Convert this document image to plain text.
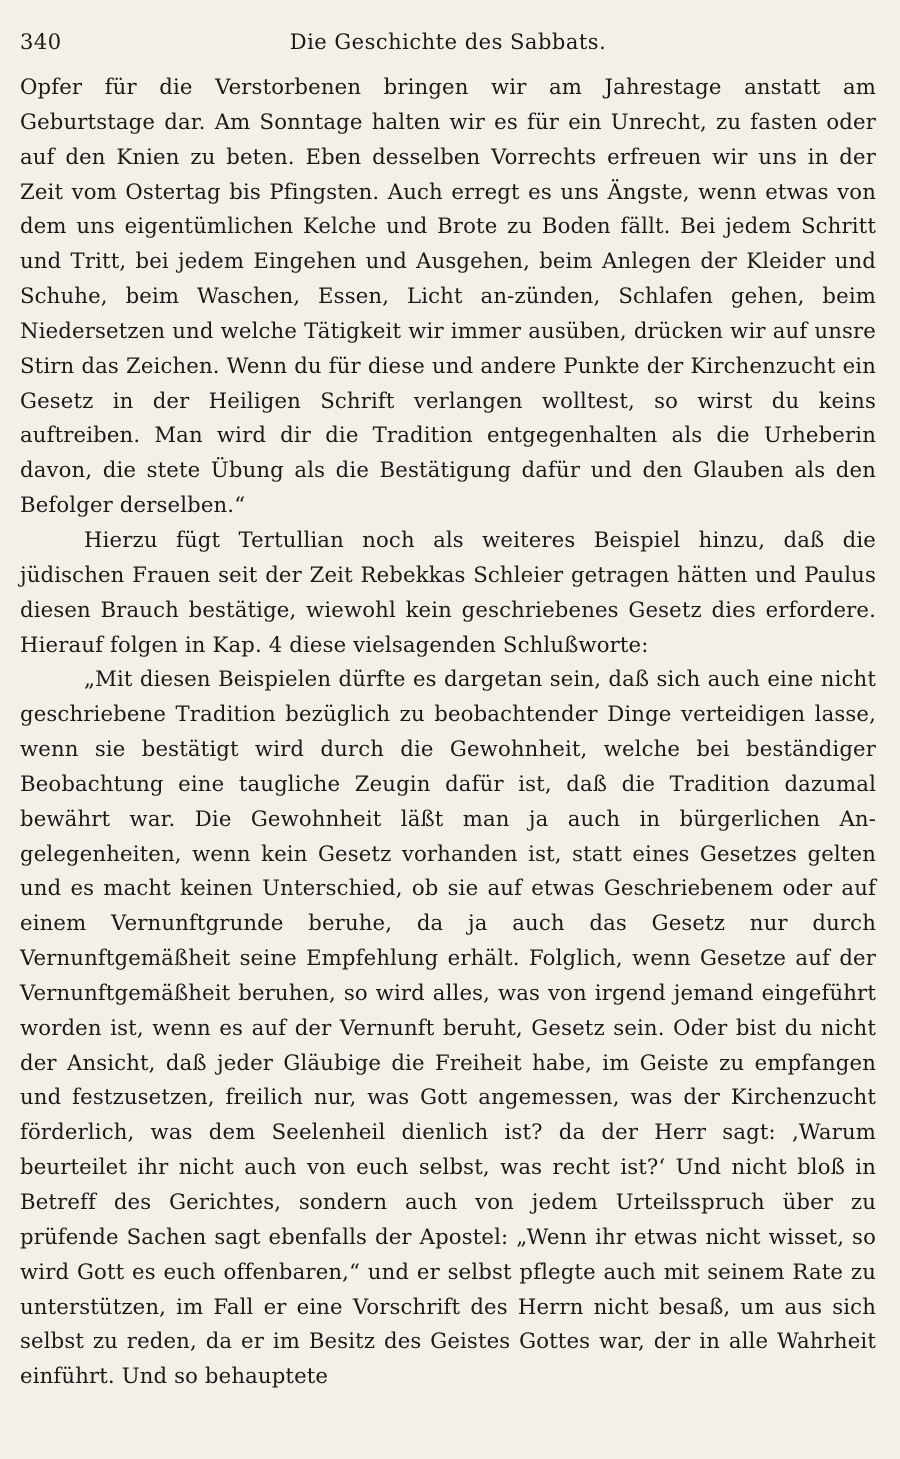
340	Die Geschichte des Sabbats.

Opfer für die Verstorbenen bringen wir am Jahrestage anstatt am Geburtstage dar. Am Sonntage halten wir es für ein Unrecht, zu fasten oder auf den Knien zu beten. Eben desselben Vorrechts erfreuen wir uns in der Zeit vom Ostertag bis Pfingsten. Auch erregt es uns Ängste, wenn etwas von dem uns eigentümlichen Kelche und Brote zu Boden fällt. Bei jedem Schritt und Tritt, bei jedem Eingehen und Ausgehen, beim Anlegen der Kleider und Schuhe, beim Waschen, Essen, Licht an-zünden, Schlafen gehen, beim Niedersetzen und welche Tätigkeit wir immer ausüben, drücken wir auf unsre Stirn das Zeichen. Wenn du für diese und andere Punkte der Kirchenzucht ein Gesetz in der Heiligen Schrift verlangen wolltest, so wirst du keins auftreiben. Man wird dir die Tradition entgegenhalten als die Urheberin davon, die stete Übung als die Bestätigung dafür und den Glauben als den Befolger derselben.“

Hierzu fügt Tertullian noch als weiteres Beispiel hinzu, daß die jüdischen Frauen seit der Zeit Rebekkas Schleier getragen hätten und Paulus diesen Brauch bestätige, wiewohl kein geschriebenes Gesetz dies erfordere. Hierauf folgen in Kap. 4 diese vielsagenden Schlußworte:

„Mit diesen Beispielen dürfte es dargetan sein, daß sich auch eine nicht geschriebene Tradition bezüglich zu beobachtender Dinge verteidigen lasse, wenn sie bestätigt wird durch die Gewohnheit, welche bei beständiger Beobachtung eine taugliche Zeugin dafür ist, daß die Tradition dazumal bewährt war. Die Gewohnheit läßt man ja auch in bürgerlichen An-gelegenheiten, wenn kein Gesetz vorhanden ist, statt eines Gesetzes gelten und es macht keinen Unterschied, ob sie auf etwas Geschriebenem oder auf einem Vernunftgrunde beruhe, da ja auch das Gesetz nur durch Vernunftgemäßheit seine Empfehlung erhält. Folglich, wenn Gesetze auf der Vernunftgemäßheit beruhen, so wird alles, was von irgend jemand eingeführt worden ist, wenn es auf der Vernunft beruht, Gesetz sein. Oder bist du nicht der Ansicht, daß jeder Gläubige die Freiheit habe, im Geiste zu empfangen und festzusetzen, freilich nur, was Gott angemessen, was der Kirchenzucht förderlich, was dem Seelenheil dienlich ist? da der Herr sagt: ‚Warum beurteilet ihr nicht auch von euch selbst, was recht ist?‘ Und nicht bloß in Betreff des Gerichtes, sondern auch von jedem Urteilsspruch über zu prüfende Sachen sagt ebenfalls der Apostel: „Wenn ihr etwas nicht wisset, so wird Gott es euch offenbaren,“ und er selbst pflegte auch mit seinem Rate zu unterstützen, im Fall er eine Vorschrift des Herrn nicht besaß, um aus sich selbst zu reden, da er im Besitz des Geistes Gottes war, der in alle Wahrheit einführt. Und so behauptete
